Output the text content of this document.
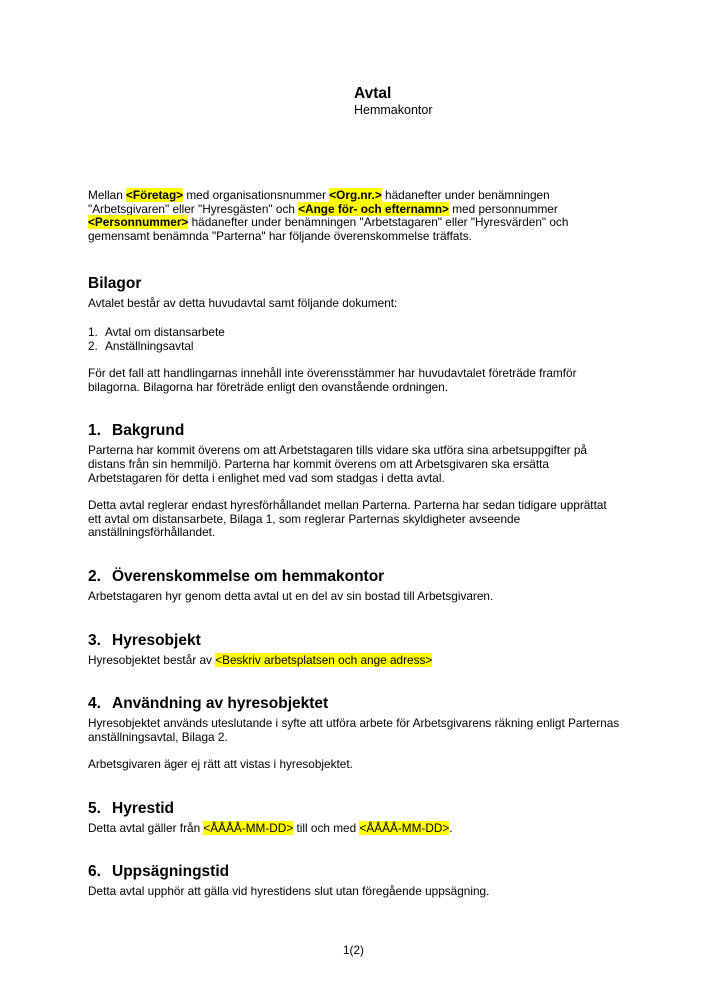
Avtal
Hemmakontor
Mellan <Företag> med organisationsnummer <Org.nr.> hädanefter under benämningen
"Arbetsgivaren" eller "Hyresgästen" och <Ange för- och efternamn> med personnummer
<Personnummer> hädanefter under benämningen "Arbetstagaren" eller "Hyresvärden" och
gemensamt benämnda "Parterna" har följande överenskommelse träffats.
Bilagor
Avtalet består av detta huvudavtal samt följande dokument:
1. Avtal om distansarbete
2. Anställningsavtal
För det fall att handlingarnas innehåll inte överensstämmer har huvudavtalet företräde framför
bilagorna. Bilagorna har företräde enligt den ovanstående ordningen.
1. Bakgrund
Parterna har kommit överens om att Arbetstagaren tills vidare ska utföra sina arbetsuppgifter på
distans från sin hemmiljö. Parterna har kommit överens om att Arbetsgivaren ska ersätta
Arbetstagaren för detta i enlighet med vad som stadgas i detta avtal.
Detta avtal reglerar endast hyresförhållandet mellan Parterna. Parterna har sedan tidigare upprättat
ett avtal om distansarbete, Bilaga 1, som reglerar Parternas skyldigheter avseende
anställningsförhållandet.
2. Överenskommelse om hemmakontor
Arbetstagaren hyr genom detta avtal ut en del av sin bostad till Arbetsgivaren.
3. Hyresobjekt
Hyresobjektet består av <Beskriv arbetsplatsen och ange adress>
4. Användning av hyresobjektet
Hyresobjektet används uteslutande i syfte att utföra arbete för Arbetsgivarens räkning enligt Parternas
anställningsavtal, Bilaga 2.
Arbetsgivaren äger ej rätt att vistas i hyresobjektet.
5. Hyrestid
Detta avtal gäller från <ÅÅÅÅ-MM-DD> till och med <ÅÅÅÅ-MM-DD>.
6. Uppsägningstid
Detta avtal upphör att gälla vid hyrestidens slut utan föregående uppsägning.
1(2)
